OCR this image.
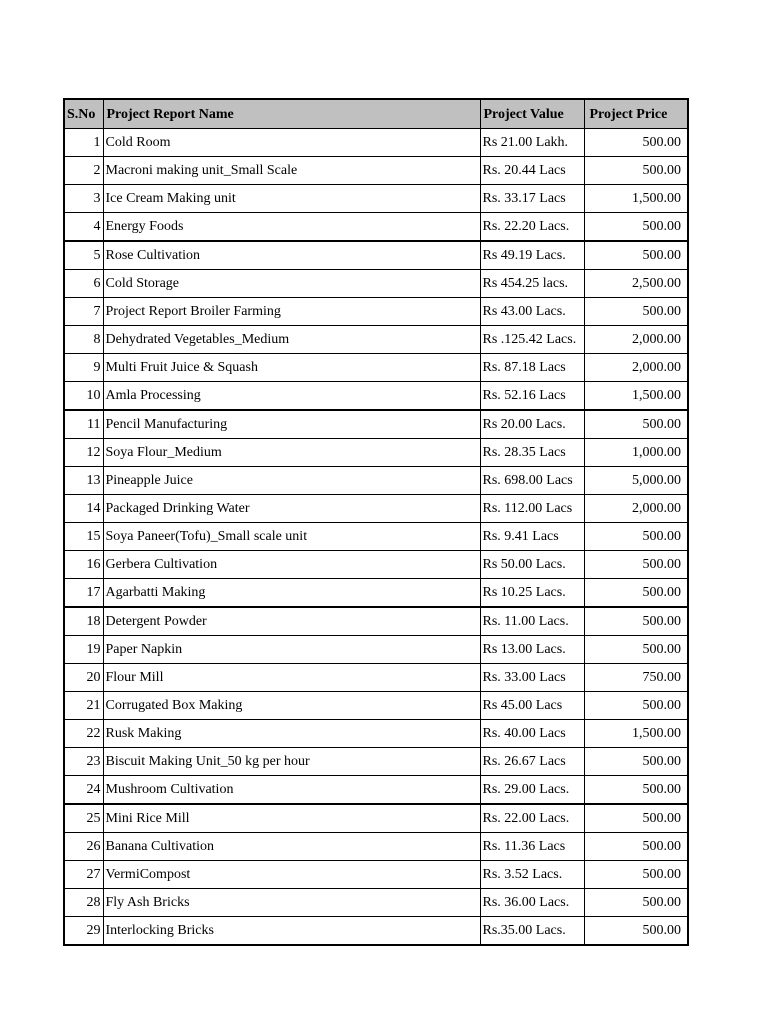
S.No	Project Report Name	Project Value	Project Price
1	Cold Room	Rs 21.00 Lakh.	500.00
2	Macroni making unit_Small Scale	Rs. 20.44 Lacs	500.00
3	Ice Cream Making unit	Rs. 33.17 Lacs	1,500.00
4	Energy Foods	Rs. 22.20 Lacs.	500.00
5	Rose Cultivation	Rs 49.19 Lacs.	500.00
6	Cold Storage	Rs 454.25 lacs.	2,500.00
7	Project Report Broiler Farming	Rs 43.00 Lacs.	500.00
8	Dehydrated Vegetables_Medium	Rs .125.42 Lacs.	2,000.00
9	Multi Fruit Juice & Squash	Rs. 87.18 Lacs	2,000.00
10	Amla Processing	Rs. 52.16 Lacs	1,500.00
11	Pencil Manufacturing	Rs 20.00 Lacs.	500.00
12	Soya Flour_Medium	Rs. 28.35 Lacs	1,000.00
13	Pineapple Juice	Rs. 698.00 Lacs	5,000.00
14	Packaged Drinking Water	Rs. 112.00 Lacs	2,000.00
15	Soya Paneer(Tofu)_Small scale unit	Rs. 9.41 Lacs	500.00
16	Gerbera Cultivation	Rs 50.00 Lacs.	500.00
17	Agarbatti Making	Rs 10.25 Lacs.	500.00
18	Detergent Powder	Rs. 11.00 Lacs.	500.00
19	Paper Napkin	Rs 13.00 Lacs.	500.00
20	Flour Mill	Rs. 33.00 Lacs	750.00
21	Corrugated Box Making	Rs 45.00 Lacs	500.00
22	Rusk Making	Rs. 40.00 Lacs	1,500.00
23	Biscuit Making Unit_50 kg per hour	Rs. 26.67 Lacs	500.00
24	Mushroom Cultivation	Rs. 29.00 Lacs.	500.00
25	Mini Rice Mill	Rs. 22.00 Lacs.	500.00
26	Banana Cultivation	Rs. 11.36 Lacs	500.00
27	VermiCompost	Rs. 3.52 Lacs.	500.00
28	Fly Ash Bricks	Rs. 36.00 Lacs.	500.00
29	Interlocking Bricks	Rs.35.00 Lacs.	500.00
